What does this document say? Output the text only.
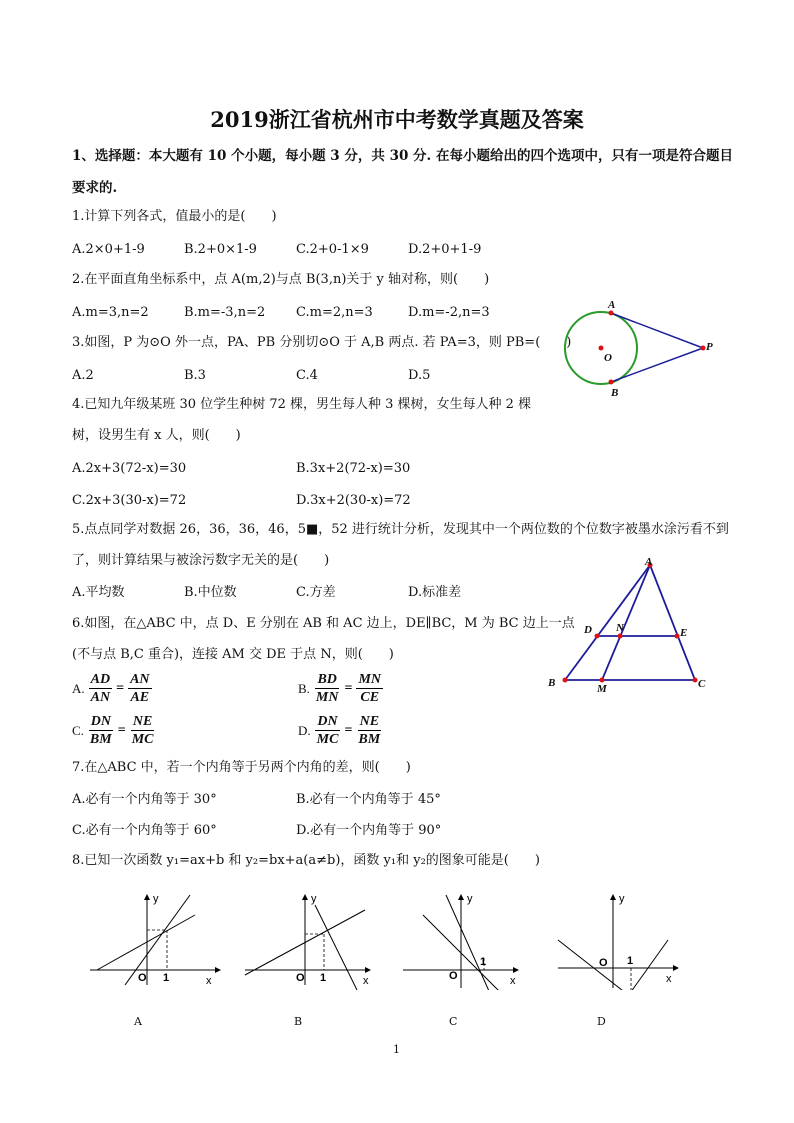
2019浙江省杭州市中考数学真题及答案
1、选择题：本大题有 10 个小题，每小题 3 分，共 30 分. 在每小题给出的四个选项中，只有一项是符合题目
要求的.
1.计算下列各式，值最小的是(　　)
A.2×0+1-9	B.2+0×1-9	C.2+0-1×9	D.2+0+1-9
2.在平面直角坐标系中，点 A(m,2)与点 B(3,n)关于 y 轴对称，则(　　)
A.m=3,n=2	B.m=-3,n=2 C.m=2,n=3	D.m=-2,n=3
3.如图，P 为⊙O 外一点，PA、PB 分别切⊙O 于 A,B 两点. 若 PA=3，则 PB=(　　)
A.2	B.3	C.4	D.5
A
O
P
B
4.已知九年级某班 30 位学生种树 72 棵，男生每人种 3 棵树，女生每人种 2 棵
树，设男生有 x 人，则(　　)
A.2x+3(72-x)=30	B.3x+2(72-x)=30
C.2x+3(30-x)=72	D.3x+2(30-x)=72
5.点点同学对数据 26，36，36，46，5■，52 进行统计分析，发现其中一个两位数的个位数字被墨水涂污看不到
了，则计算结果与被涂污数字无关的是(　　)
A.平均数	B.中位数	C.方差	D.标准差
6.如图，在△ABC 中，点 D、E 分别在 AB 和 AC 边上，DE∥BC，M 为 BC 边上一点
(不与点 B,C 重合)，连接 AM 交 DE 于点 N，则(　　)
A. $\frac{AD}{AN} = \frac{AN}{AE}$	B. $\frac{BD}{MN} = \frac{MN}{CE}$
C. $\frac{DN}{BM} = \frac{NE}{MC}$	D. $\frac{DN}{MC} = \frac{NE}{BM}$
A
D N	E
B	M	C
7.在△ABC 中，若一个内角等于另两个内角的差，则(　　)
A.必有一个内角等于 30°	B.必有一个内角等于 45°
C.必有一个内角等于 60°	D.必有一个内角等于 90°
8.已知一次函数 y₁=ax+b 和 y₂=bx+a(a≠b)，函数 y₁和 y₂的图象可能是(　　)
y
x
O 1
A
y
x
O 1
B
y
x
O
1
C
y
x
O 1
D
1
